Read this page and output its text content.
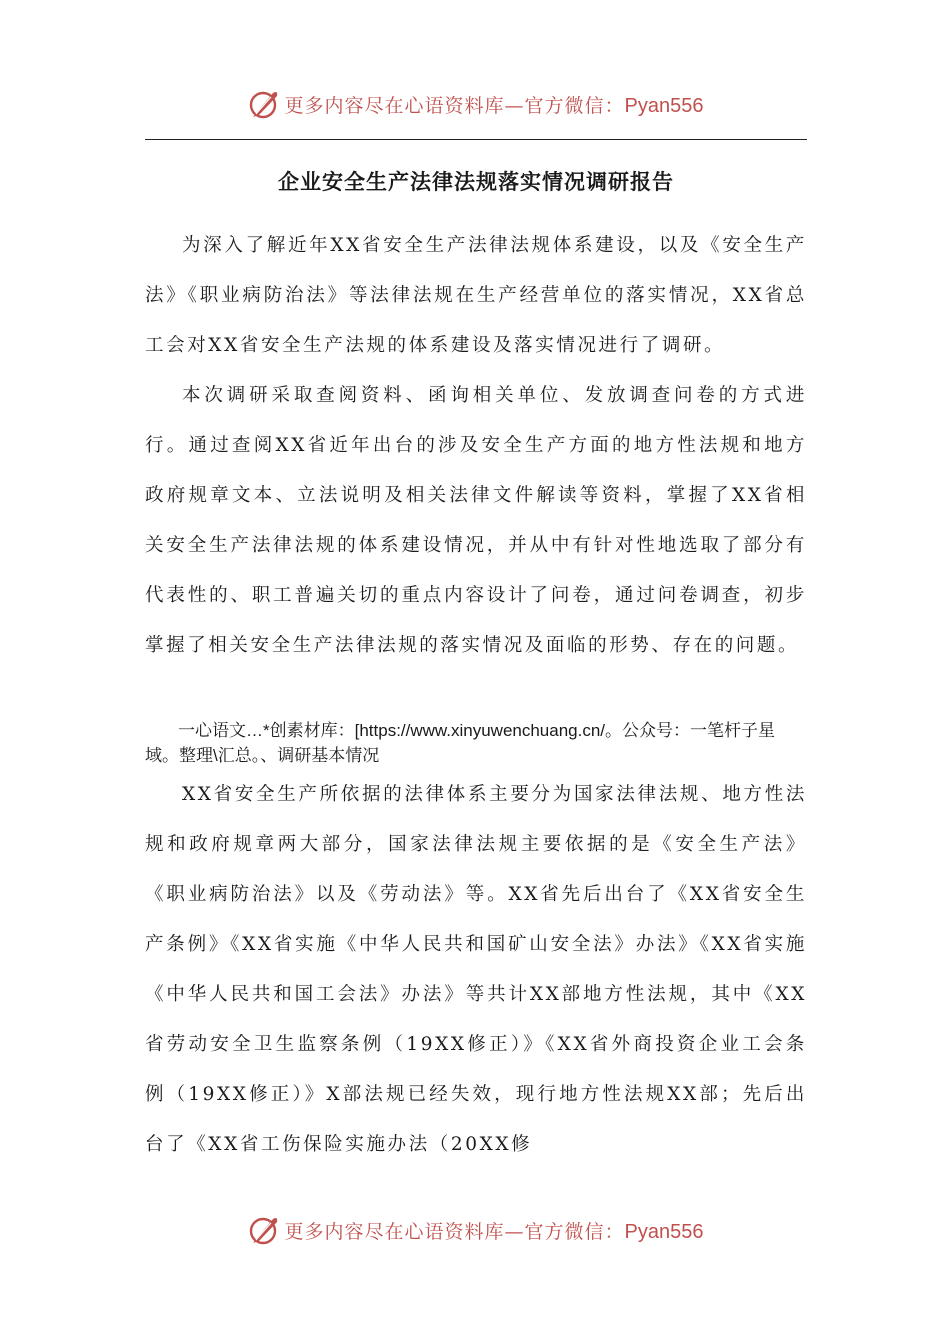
更多内容尽在心语资料库—官方微信：Pyan556
企业安全生产法律法规落实情况调研报告

为深入了解近年XX省安全生产法律法规体系建设，以及《安全生产法》《职业病防治法》等法律法规在生产经营单位的落实情况，XX省总工会对XX省安全生产法规的体系建设及落实情况进行了调研。

本次调研采取查阅资料、函询相关单位、发放调查问卷的方式进行。通过查阅XX省近年出台的涉及安全生产方面的地方性法规和地方政府规章文本、立法说明及相关法律文件解读等资料，掌握了XX省相关安全生产法律法规的体系建设情况，并从中有针对性地选取了部分有代表性的、职工普遍关切的重点内容设计了问卷，通过问卷调查，初步掌握了相关安全生产法律法规的落实情况及面临的形势、存在的问题。

一心语文…*创素材库：[https://www.xinyuwenchuang.cn/。公众号：一笔杆子星域。整理\汇总。、调研基本情况

XX省安全生产所依据的法律体系主要分为国家法律法规、地方性法规和政府规章两大部分，国家法律法规主要依据的是《安全生产法》《职业病防治法》以及《劳动法》等。XX省先后出台了《XX省安全生产条例》《XX省实施《中华人民共和国矿山安全法》办法》《XX省实施《中华人民共和国工会法》办法》等共计XX部地方性法规，其中《XX省劳动安全卫生监察条例（19XX修正）》《XX省外商投资企业工会条例（19XX修正）》X部法规已经失效，现行地方性法规XX部；先后出台了《XX省工伤保险实施办法（20XX修

更多内容尽在心语资料库—官方微信：Pyan556
